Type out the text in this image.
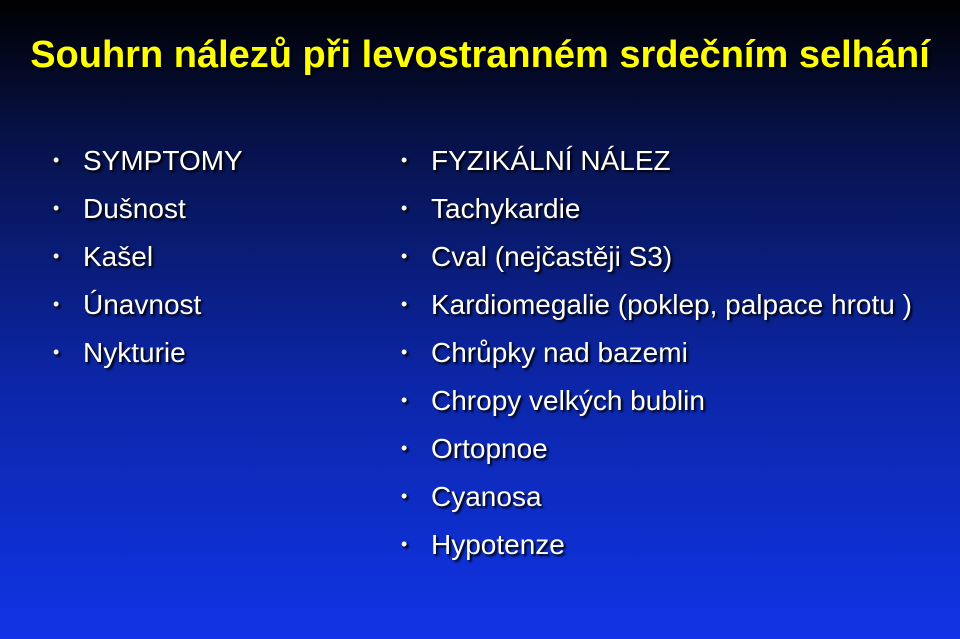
Souhrn nálezů při levostranném srdečním selhání
• SYMPTOMY
• Dušnost
• Kašel
• Únavnost
• Nykturie
• FYZIKÁLNÍ NÁLEZ
• Tachykardie
• Cval (nejčastěji S3)
• Kardiomegalie (poklep, palpace hrotu )
• Chrůpky nad bazemi
• Chropy velkých bublin
• Ortopnoe
• Cyanosa
• Hypotenze
